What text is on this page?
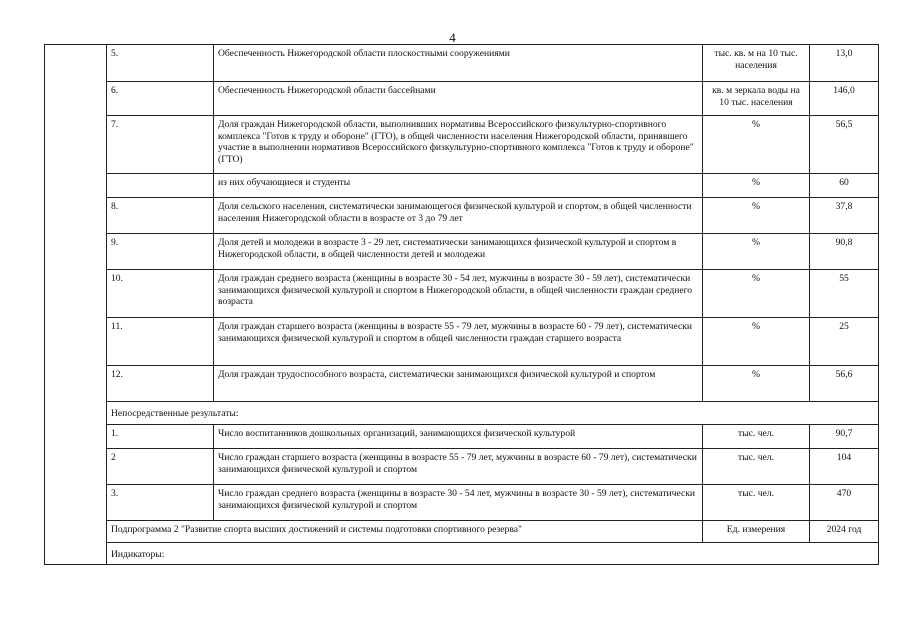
4
	5.	Обеспеченность Нижегородской области плоскостными сооружениями	тыс. кв. м на 10 тыс. населения	13,0
	6.	Обеспеченность Нижегородской области бассейнами	кв. м зеркала воды на 10 тыс. населения	146,0
	7.	Доля граждан Нижегородской области, выполнивших нормативы Всероссийского физкультурно-спортивного комплекса "Готов к труду и обороне" (ГТО), в общей численности населения Нижегородской области, принявшего участие в выполнении нормативов Всероссийского физкультурно-спортивного комплекса "Готов к труду и обороне" (ГТО)	%	56,5
		из них обучающиеся и студенты	%	60
	8.	Доля сельского населения, систематически занимающегося физической культурой и спортом, в общей численности населения Нижегородской области в возрасте от 3 до 79 лет	%	37,8
	9.	Доля детей и молодежи в возрасте 3 - 29 лет, систематически занимающихся физической культурой и спортом в Нижегородской области, в общей численности детей и молодежи	%	90,8
	10.	Доля граждан среднего возраста (женщины в возрасте 30 - 54 лет, мужчины в возрасте 30 - 59 лет), систематически занимающихся физической культурой и спортом в Нижегородской области, в общей численности граждан среднего возраста	%	55
	11.	Доля граждан старшего возраста (женщины в возрасте 55 - 79 лет, мужчины в возрасте 60 - 79 лет), систематически занимающихся физической культурой и спортом в общей численности граждан старшего возраста	%	25
	12.	Доля граждан трудоспособного возраста, систематически занимающихся физической культурой и спортом	%	56,6
	Непосредственные результаты:			
	1.	Число воспитанников дошкольных организаций, занимающихся физической культурой	тыс. чел.	90,7
	2	Число граждан старшего возраста (женщины в возрасте 55 - 79 лет, мужчины в возрасте 60 - 79 лет), систематически занимающихся физической культурой и спортом	тыс. чел.	104
	3.	Число граждан среднего возраста (женщины в возрасте 30 - 54 лет, мужчины в возрасте 30 - 59 лет), систематически занимающихся физической культурой и спортом	тыс. чел.	470
	Подпрограмма 2 "Развитие спорта высших достижений и системы подготовки спортивного резерва"		Ед. измерения	2024 год
	Индикаторы:			
